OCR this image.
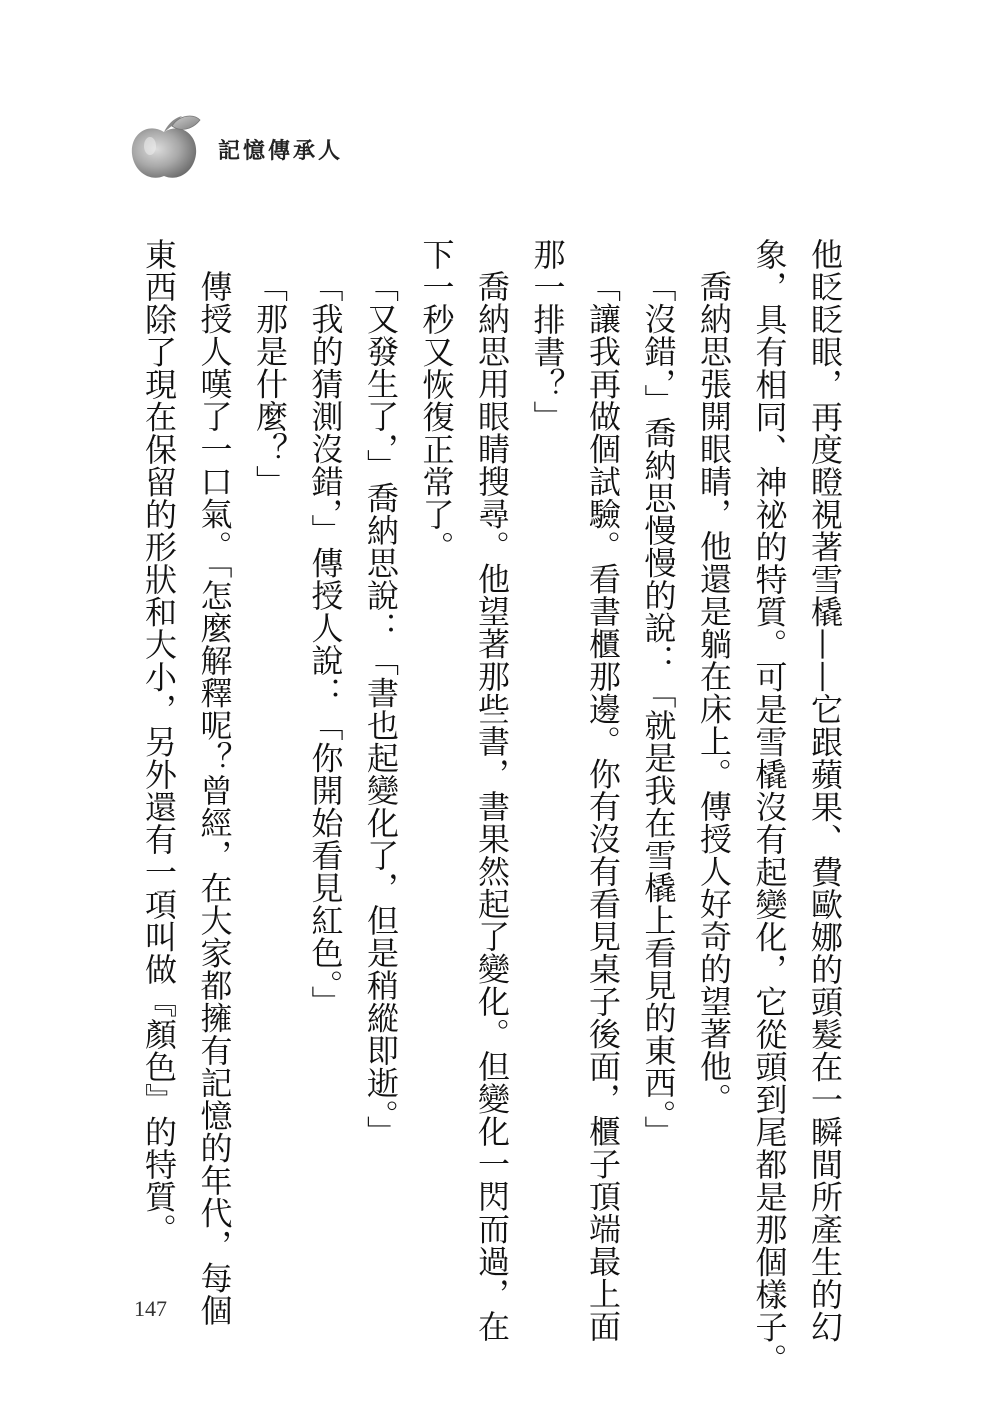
記憶傳承人

他眨眨眼，再度瞪視著雪橇——它跟蘋果、費歐娜的頭髮在一瞬間所產生的幻

象，具有相同、神祕的特質。可是雪橇沒有起變化，它從頭到尾都是那個樣子。

喬納思張開眼睛，他還是躺在床上。傳授人好奇的望著他。

「沒錯，」喬納思慢慢的說：「就是我在雪橇上看見的東西。」

「讓我再做個試驗。看書櫃那邊。你有沒有看見桌子後面，櫃子頂端最上面

那一排書？」

喬納思用眼睛搜尋。他望著那些書，書果然起了變化。但變化一閃而過，在

下一秒又恢復正常了。

「又發生了，」喬納思說：「書也起變化了，但是稍縱即逝。」

「我的猜測沒錯，」傳授人說：「你開始看見紅色。」

「那是什麼？」

傳授人嘆了一口氣。「怎麼解釋呢？曾經，在大家都擁有記憶的年代，每個

東西除了現在保留的形狀和大小，另外還有一項叫做『顏色』的特質。

147
